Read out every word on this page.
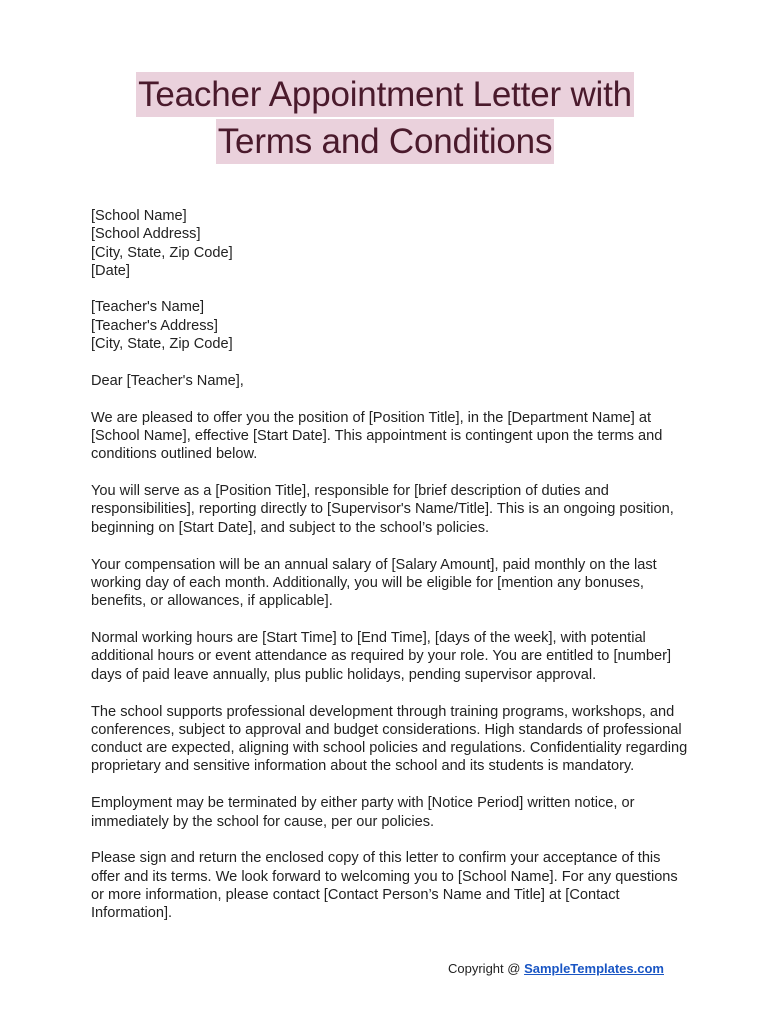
Teacher Appointment Letter with
Terms and Conditions
[School Name]
[School Address]
[City, State, Zip Code]
[Date]
[Teacher's Name]
[Teacher's Address]
[City, State, Zip Code]

Dear [Teacher's Name],

We are pleased to offer you the position of [Position Title], in the [Department Name] at [School Name], effective [Start Date]. This appointment is contingent upon the terms and conditions outlined below.

You will serve as a [Position Title], responsible for [brief description of duties and responsibilities], reporting directly to [Supervisor's Name/Title]. This is an ongoing position, beginning on [Start Date], and subject to the school’s policies.

Your compensation will be an annual salary of [Salary Amount], paid monthly on the last working day of each month. Additionally, you will be eligible for [mention any bonuses, benefits, or allowances, if applicable].

Normal working hours are [Start Time] to [End Time], [days of the week], with potential additional hours or event attendance as required by your role. You are entitled to [number] days of paid leave annually, plus public holidays, pending supervisor approval.

The school supports professional development through training programs, workshops, and conferences, subject to approval and budget considerations. High standards of professional conduct are expected, aligning with school policies and regulations. Confidentiality regarding proprietary and sensitive information about the school and its students is mandatory.

Employment may be terminated by either party with [Notice Period] written notice, or immediately by the school for cause, per our policies.

Please sign and return the enclosed copy of this letter to confirm your acceptance of this offer and its terms. We look forward to welcoming you to [School Name]. For any questions or more information, please contact [Contact Person’s Name and Title] at [Contact Information].

Copyright @ SampleTemplates.com
